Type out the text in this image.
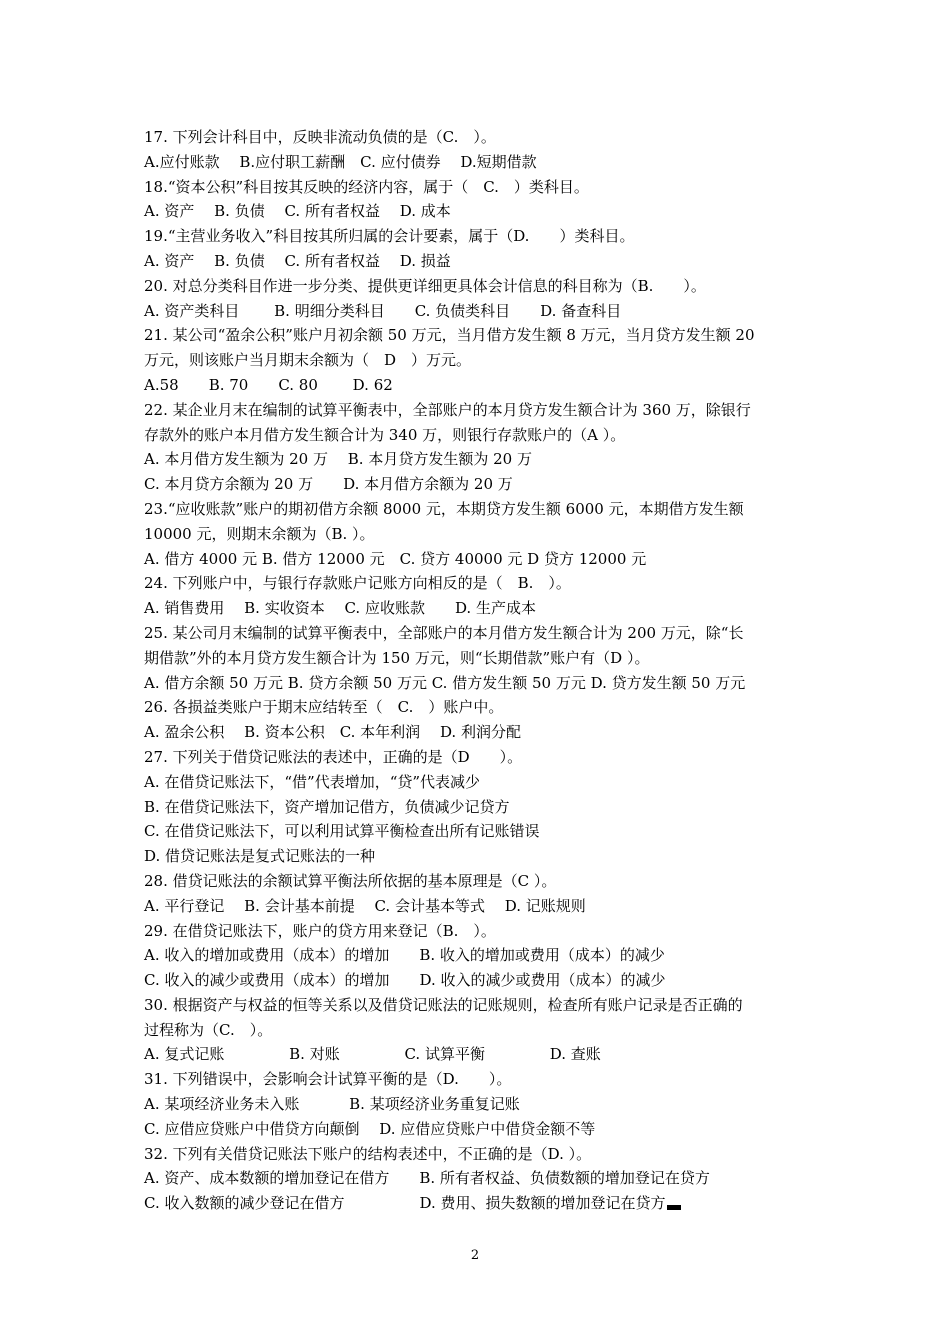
17. 下列会计科目中，反映非流动负债的是（C.　）。
A.应付账款　 B.应付职工薪酬　C. 应付债券　 D.短期借款
18.“资本公积”科目按其反映的经济内容，属于（　C.　）类科目。
A. 资产　 B. 负债　 C. 所有者权益　 D. 成本
19.“主营业务收入”科目按其所归属的会计要素，属于（D.　　）类科目。
A. 资产　 B. 负债　 C. 所有者权益　 D. 损益
20. 对总分类科目作进一步分类、提供更详细更具体会计信息的科目称为（B.　　）。
A. 资产类科目　　 B. 明细分类科目　　C. 负债类科目　　D. 备查科目
21. 某公司“盈余公积”账户月初余额 50 万元，当月借方发生额 8 万元，当月贷方发生额 20
万元，则该账户当月期末余额为（　D　）万元。
A.58　　B. 70　　C. 80　　 D. 62
22. 某企业月末在编制的试算平衡表中，全部账户的本月贷方发生额合计为 360 万，除银行
存款外的账户本月借方发生额合计为 340 万，则银行存款账户的（A ）。
A. 本月借方发生额为 20 万　 B. 本月贷方发生额为 20 万
C. 本月贷方余额为 20 万　　D. 本月借方余额为 20 万
23.“应收账款”账户的期初借方余额 8000 元，本期贷方发生额 6000 元，本期借方发生额
10000 元，则期末余额为（B. ）。
A. 借方 4000 元 B. 借方 12000 元　C. 贷方 40000 元 D 贷方 12000 元
24. 下列账户中，与银行存款账户记账方向相反的是（　B.　）。
A. 销售费用　 B. 实收资本　 C. 应收账款　　D. 生产成本
25. 某公司月末编制的试算平衡表中，全部账户的本月借方发生额合计为 200 万元，除“长
期借款”外的本月贷方发生额合计为 150 万元，则“长期借款”账户有（D ）。
A. 借方余额 50 万元 B. 贷方余额 50 万元 C. 借方发生额 50 万元 D. 贷方发生额 50 万元
26. 各损益类账户于期末应结转至（　C.　）账户中。
A. 盈余公积　 B. 资本公积　C. 本年利润　 D. 利润分配
27. 下列关于借贷记账法的表述中，正确的是（D　　）。
A. 在借贷记账法下，“借”代表增加，“贷”代表减少
B. 在借贷记账法下，资产增加记借方，负债减少记贷方
C. 在借贷记账法下，可以利用试算平衡检查出所有记账错误
D. 借贷记账法是复式记账法的一种
28. 借贷记账法的余额试算平衡法所依据的基本原理是（C ）。
A. 平行登记　 B. 会计基本前提　 C. 会计基本等式　 D. 记账规则
29. 在借贷记账法下，账户的贷方用来登记（B.　）。
A. 收入的增加或费用（成本）的增加　　B. 收入的增加或费用（成本）的减少
C. 收入的减少或费用（成本）的增加　　D. 收入的减少或费用（成本）的减少
30. 根据资产与权益的恒等关系以及借贷记账法的记账规则，检查所有账户记录是否正确的
过程称为（C.　）。
A. 复式记账　　　　 B. 对账　　　　 C. 试算平衡　　　　 D. 查账
31. 下列错误中，会影响会计试算平衡的是（D.　　）。
A. 某项经济业务未入账　　　 B. 某项经济业务重复记账
C. 应借应贷账户中借贷方向颠倒　 D. 应借应贷账户中借贷金额不等
32. 下列有关借贷记账法下账户的结构表述中，不正确的是（D. ）。
A. 资产、成本数额的增加登记在借方　　B. 所有者权益、负债数额的增加登记在贷方
C. 收入数额的减少登记在借方　　　　　D. 费用、损失数额的增加登记在贷方
2
